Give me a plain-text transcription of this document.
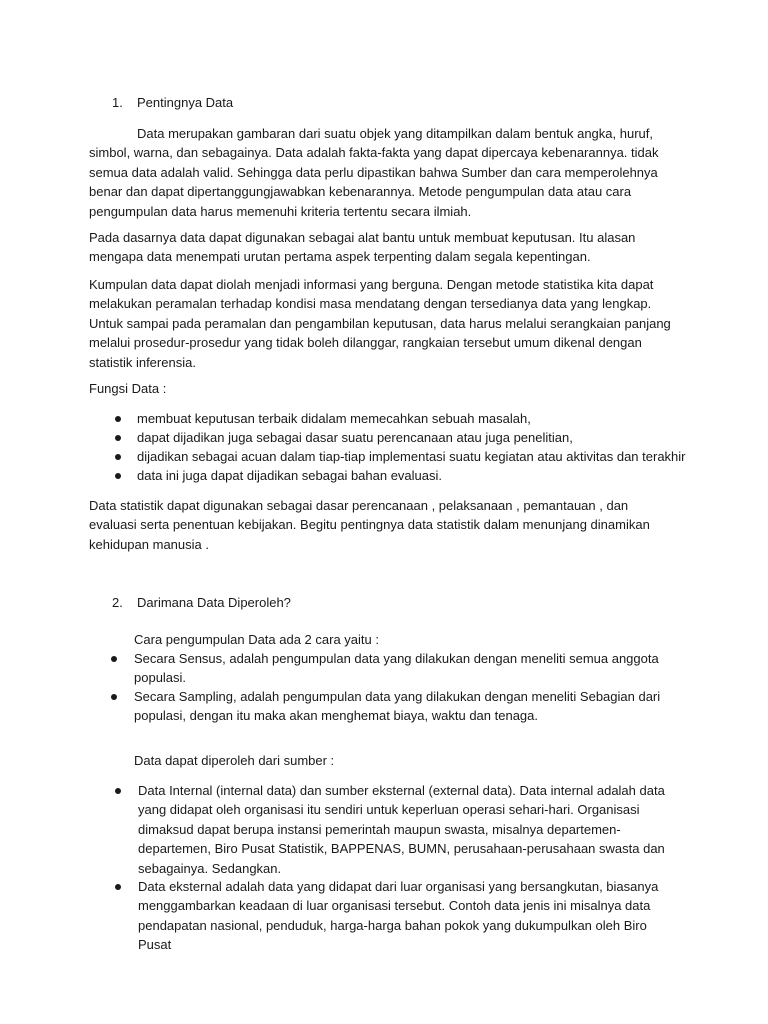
1.	Pentingnya Data

Data merupakan gambaran dari suatu objek yang ditampilkan dalam bentuk angka, huruf, simbol, warna, dan sebagainya. Data adalah fakta-fakta yang dapat dipercaya kebenarannya. tidak semua data adalah valid. Sehingga data perlu dipastikan bahwa Sumber dan cara memperolehnya benar dan dapat dipertanggungjawabkan kebenarannya. Metode pengumpulan data atau cara pengumpulan data harus memenuhi kriteria tertentu secara ilmiah.

Pada dasarnya data dapat digunakan sebagai alat bantu untuk membuat keputusan. Itu alasan mengapa data menempati urutan pertama aspek terpenting dalam segala kepentingan.

Kumpulan data dapat diolah menjadi informasi yang berguna. Dengan metode statistika kita dapat melakukan peramalan terhadap kondisi masa mendatang dengan tersedianya data yang lengkap. Untuk sampai pada peramalan dan pengambilan keputusan, data harus melalui serangkaian panjang melalui prosedur-prosedur yang tidak boleh dilanggar, rangkaian tersebut umum dikenal dengan statistik inferensia.

Fungsi Data :

membuat keputusan terbaik didalam memecahkan sebuah masalah,
dapat dijadikan juga sebagai dasar suatu perencanaan atau juga penelitian,
dijadikan sebagai acuan dalam tiap-tiap implementasi suatu kegiatan atau aktivitas dan terakhir
data ini juga dapat dijadikan sebagai bahan evaluasi.

Data statistik dapat digunakan sebagai dasar perencanaan , pelaksanaan , pemantauan , dan evaluasi serta penentuan kebijakan. Begitu pentingnya data statistik dalam menunjang dinamikan kehidupan manusia .

2.	Darimana Data Diperoleh?

Cara pengumpulan Data ada 2 cara yaitu :

Secara Sensus, adalah pengumpulan data yang dilakukan dengan meneliti semua anggota populasi.
Secara Sampling, adalah pengumpulan data yang dilakukan dengan meneliti Sebagian dari populasi, dengan itu maka akan menghemat biaya, waktu dan tenaga.

Data dapat diperoleh dari sumber :

Data Internal (internal data) dan sumber eksternal (external data). Data internal adalah data yang didapat oleh organisasi itu sendiri untuk keperluan operasi sehari-hari. Organisasi dimaksud dapat berupa instansi pemerintah maupun swasta, misalnya departemen-departemen, Biro Pusat Statistik, BAPPENAS, BUMN, perusahaan-perusahaan swasta dan sebagainya. Sedangkan.
Data eksternal adalah data yang didapat dari luar organisasi yang bersangkutan, biasanya menggambarkan keadaan di luar organisasi tersebut. Contoh data jenis ini misalnya data pendapatan nasional, penduduk, harga-harga bahan pokok yang dukumpulkan oleh Biro Pusat
